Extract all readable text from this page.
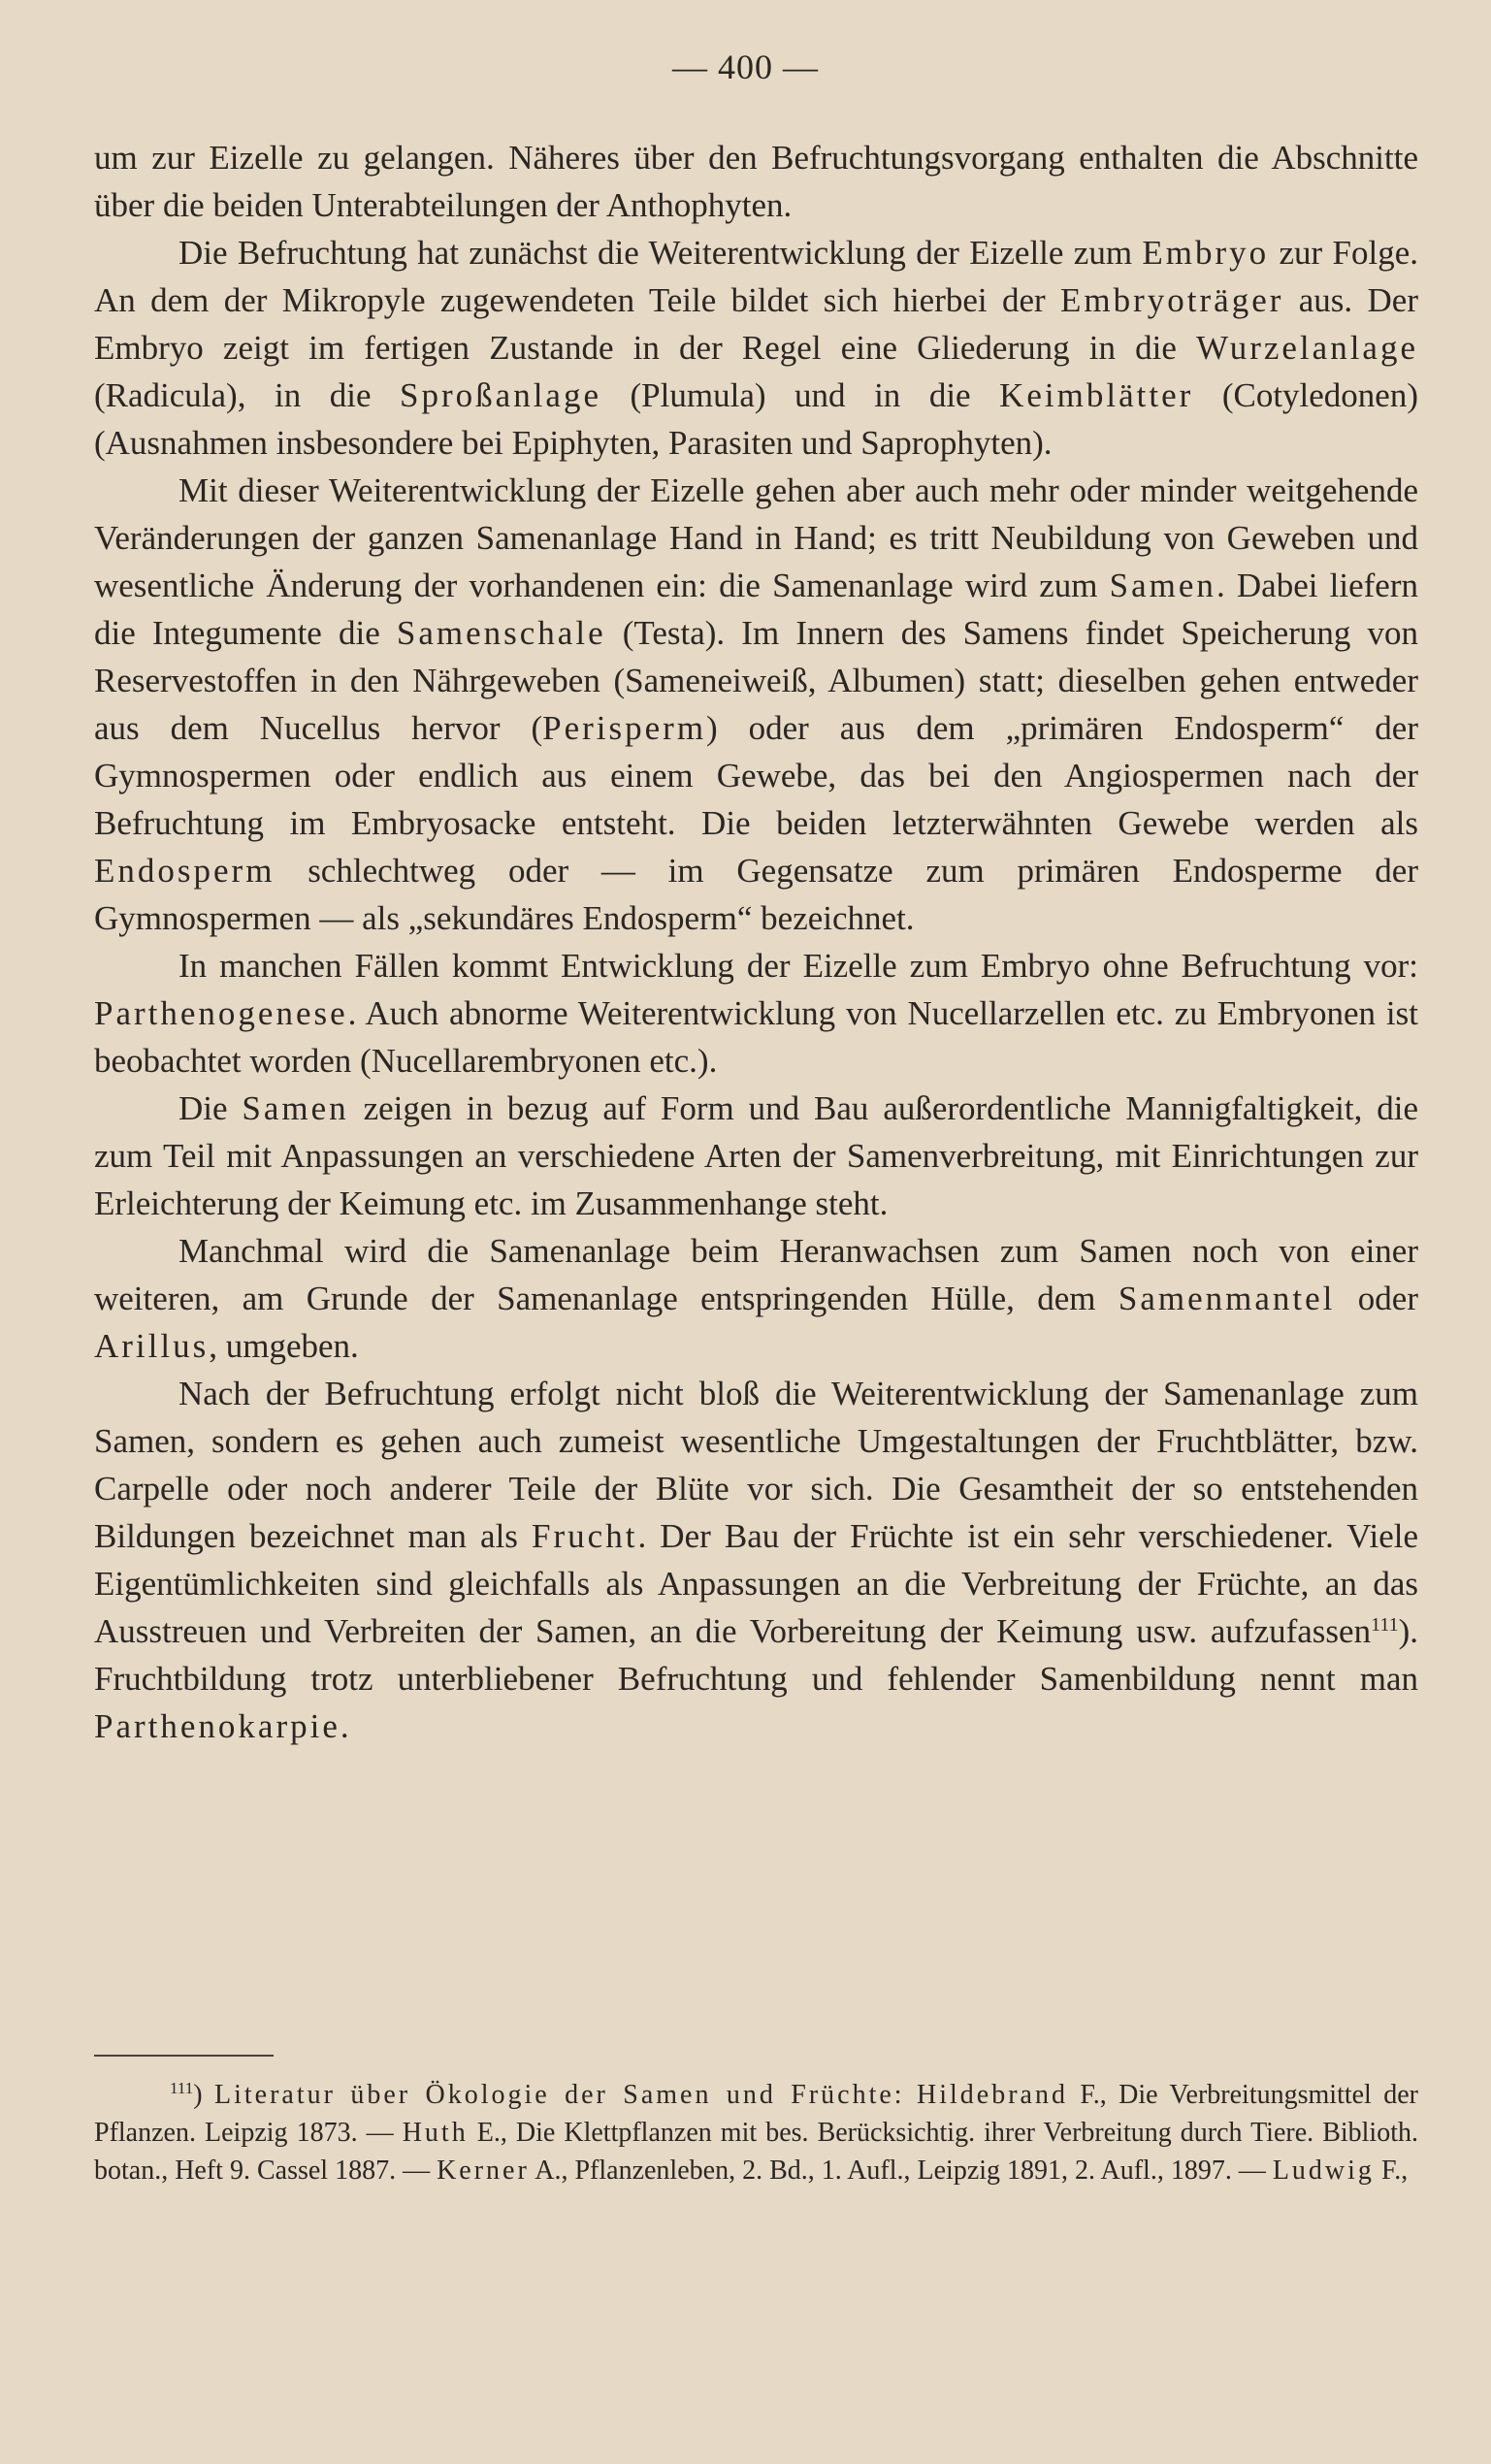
— 400 —

um zur Eizelle zu gelangen. Näheres über den Befruchtungsvorgang enthalten die Abschnitte über die beiden Unterabteilungen der Anthophyten.

Die Befruchtung hat zunächst die Weiterentwicklung der Eizelle zum Embryo zur Folge. An dem der Mikropyle zugewendeten Teile bildet sich hierbei der Embryoträger aus. Der Embryo zeigt im fertigen Zustande in der Regel eine Gliederung in die Wurzelanlage (Radicula), in die Sproßanlage (Plumula) und in die Keimblätter (Cotyledonen) (Ausnahmen insbesondere bei Epiphyten, Parasiten und Saprophyten).

Mit dieser Weiterentwicklung der Eizelle gehen aber auch mehr oder minder weitgehende Veränderungen der ganzen Samenanlage Hand in Hand; es tritt Neubildung von Geweben und wesentliche Änderung der vorhandenen ein: die Samenanlage wird zum Samen. Dabei liefern die Integumente die Samenschale (Testa). Im Innern des Samens findet Speicherung von Reservestoffen in den Nährgeweben (Sameneiweiß, Albumen) statt; dieselben gehen entweder aus dem Nucellus hervor (Perisperm) oder aus dem „primären Endosperm“ der Gymnospermen oder endlich aus einem Gewebe, das bei den Angiospermen nach der Befruchtung im Embryosacke entsteht. Die beiden letzterwähnten Gewebe werden als Endosperm schlechtweg oder — im Gegensatze zum primären Endosperme der Gymnospermen — als „sekundäres Endosperm“ bezeichnet.

In manchen Fällen kommt Entwicklung der Eizelle zum Embryo ohne Befruchtung vor: Parthenogenese. Auch abnorme Weiterentwicklung von Nucellarzellen etc. zu Embryonen ist beobachtet worden (Nucellarembryonen etc.).

Die Samen zeigen in bezug auf Form und Bau außerordentliche Mannigfaltigkeit, die zum Teil mit Anpassungen an verschiedene Arten der Samenverbreitung, mit Einrichtungen zur Erleichterung der Keimung etc. im Zusammenhange steht.

Manchmal wird die Samenanlage beim Heranwachsen zum Samen noch von einer weiteren, am Grunde der Samenanlage entspringenden Hülle, dem Samenmantel oder Arillus, umgeben.

Nach der Befruchtung erfolgt nicht bloß die Weiterentwicklung der Samenanlage zum Samen, sondern es gehen auch zumeist wesentliche Umgestaltungen der Fruchtblätter, bzw. Carpelle oder noch anderer Teile der Blüte vor sich. Die Gesamtheit der so entstehenden Bildungen bezeichnet man als Frucht. Der Bau der Früchte ist ein sehr verschiedener. Viele Eigentümlichkeiten sind gleichfalls als Anpassungen an die Verbreitung der Früchte, an das Ausstreuen und Verbreiten der Samen, an die Vorbereitung der Keimung usw. aufzufassen$^{111}$). Fruchtbildung trotz unterbliebener Befruchtung und fehlender Samenbildung nennt man Parthenokarpie.

$^{111}$) Literatur über Ökologie der Samen und Früchte: Hildebrand F., Die Verbreitungsmittel der Pflanzen. Leipzig 1873. — Huth E., Die Klettpflanzen mit bes. Berücksichtig. ihrer Verbreitung durch Tiere. Biblioth. botan., Heft 9. Cassel 1887. — Kerner A., Pflanzenleben, 2. Bd., 1. Aufl., Leipzig 1891, 2. Aufl., 1897. — Ludwig F.,
